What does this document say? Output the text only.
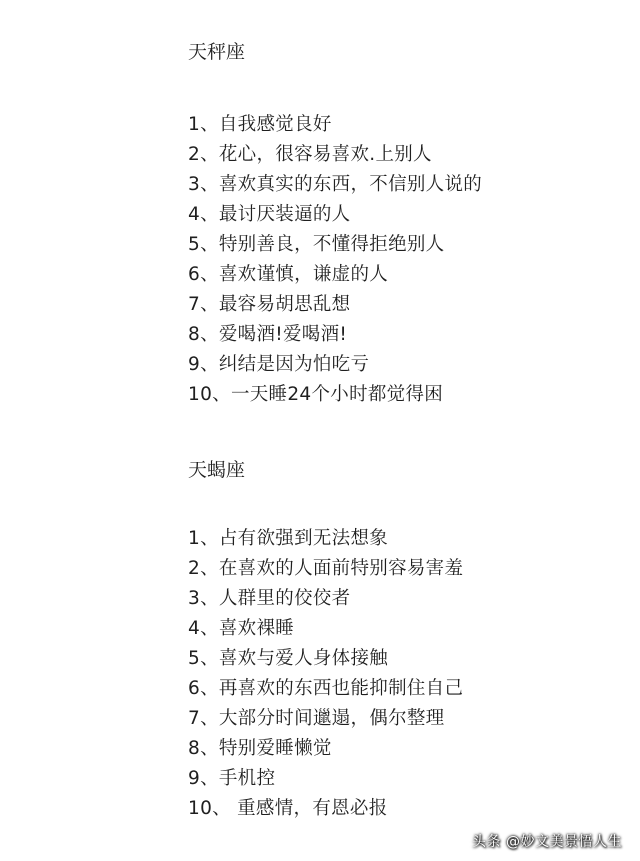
天秤座
1、自我感觉良好
2、花心，很容易喜欢.上别人
3、喜欢真实的东西，不信别人说的
4、最讨厌装逼的人
5、特别善良，不懂得拒绝别人
6、喜欢谨慎，谦虚的人
7、最容易胡思乱想
8、爱喝酒!爱喝酒!
9、纠结是因为怕吃亏
10、一天睡24个小时都觉得困
天蝎座
1、占有欲强到无法想象
2、在喜欢的人面前特别容易害羞
3、人群里的佼佼者
4、喜欢裸睡
5、喜欢与爱人身体接触
6、再喜欢的东西也能抑制住自己
7、大部分时间邋遢，偶尔整理
8、特别爱睡懒觉
9、手机控
10、 重感情，有恩必报
头条 @妙文美景悟人生
